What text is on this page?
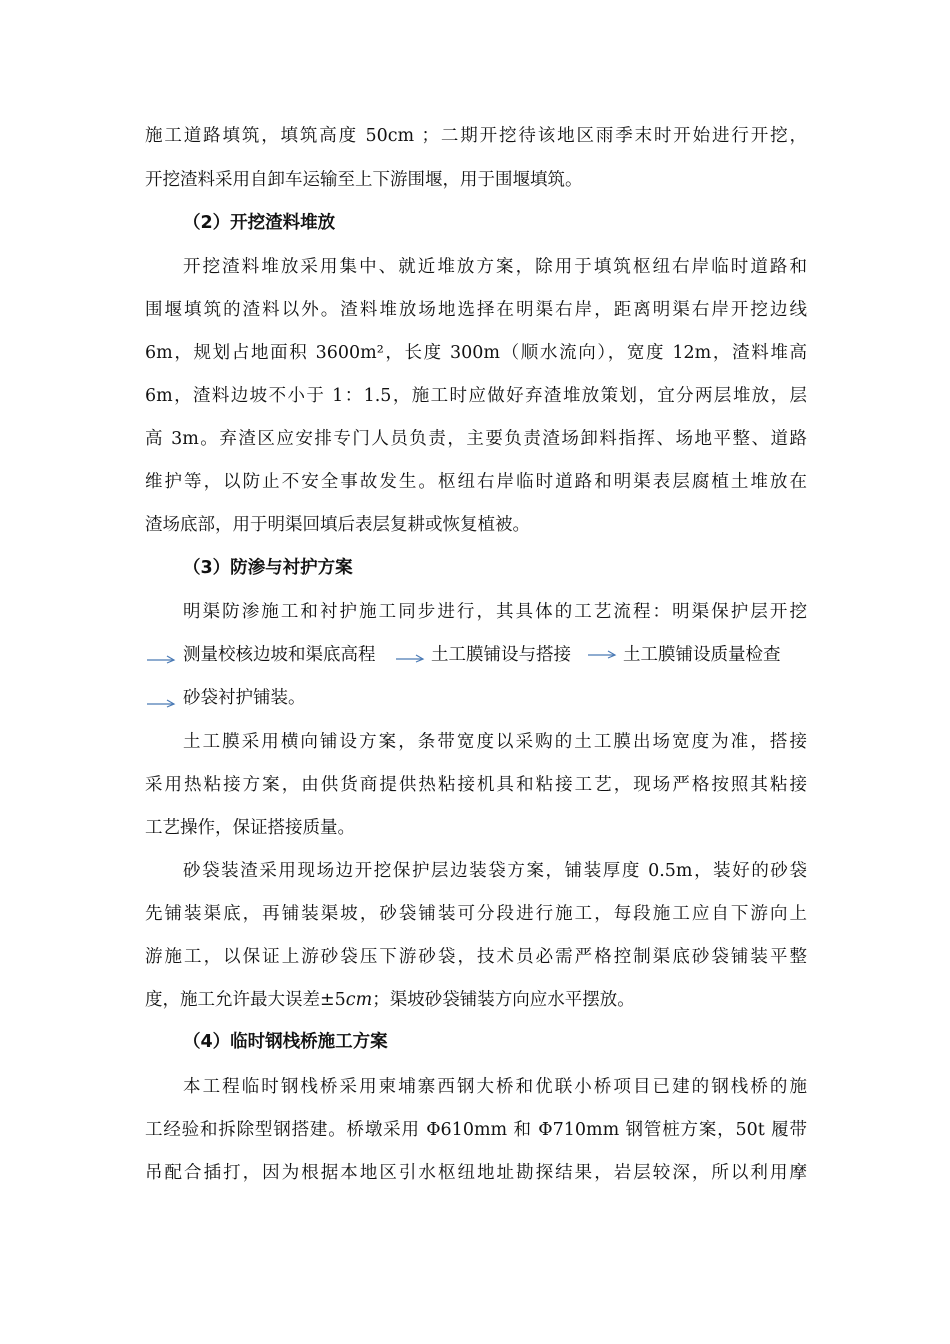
施工道路填筑，填筑高度 50cm ；二期开挖待该地区雨季末时开始进行开挖，
开挖渣料采用自卸车运输至上下游围堰，用于围堰填筑。
（2）开挖渣料堆放
开挖渣料堆放采用集中、就近堆放方案，除用于填筑枢纽右岸临时道路和
围堰填筑的渣料以外。渣料堆放场地选择在明渠右岸，距离明渠右岸开挖边线
6m，规划占地面积 3600m²，长度 300m（顺水流向），宽度 12m，渣料堆高
6m，渣料边坡不小于 1：1.5，施工时应做好弃渣堆放策划，宜分两层堆放，层
高 3m。弃渣区应安排专门人员负责，主要负责渣场卸料指挥、场地平整、道路
维护等，以防止不安全事故发生。枢纽右岸临时道路和明渠表层腐植土堆放在
渣场底部，用于明渠回填后表层复耕或恢复植被。
（3）防渗与衬护方案
明渠防渗施工和衬护施工同步进行，其具体的工艺流程：明渠保护层开挖
测量校核边坡和渠底高程	土工膜铺设与搭接	土工膜铺设质量检查
砂袋衬护铺装。
土工膜采用横向铺设方案，条带宽度以采购的土工膜出场宽度为准，搭接
采用热粘接方案，由供货商提供热粘接机具和粘接工艺，现场严格按照其粘接
工艺操作，保证搭接质量。
砂袋装渣采用现场边开挖保护层边装袋方案，铺装厚度 0.5m，装好的砂袋
先铺装渠底，再铺装渠坡，砂袋铺装可分段进行施工，每段施工应自下游向上
游施工，以保证上游砂袋压下游砂袋，技术员必需严格控制渠底砂袋铺装平整
度，施工允许最大误差±5𝑐𝑚；渠坡砂袋铺装方向应水平摆放。
（4）临时钢栈桥施工方案
本工程临时钢栈桥采用柬埔寨西钢大桥和优联小桥项目已建的钢栈桥的施
工经验和拆除型钢搭建。桥墩采用 Φ610mm 和 Φ710mm 钢管桩方案，50t 履带
吊配合插打，因为根据本地区引水枢纽地址勘探结果，岩层较深，所以利用摩
